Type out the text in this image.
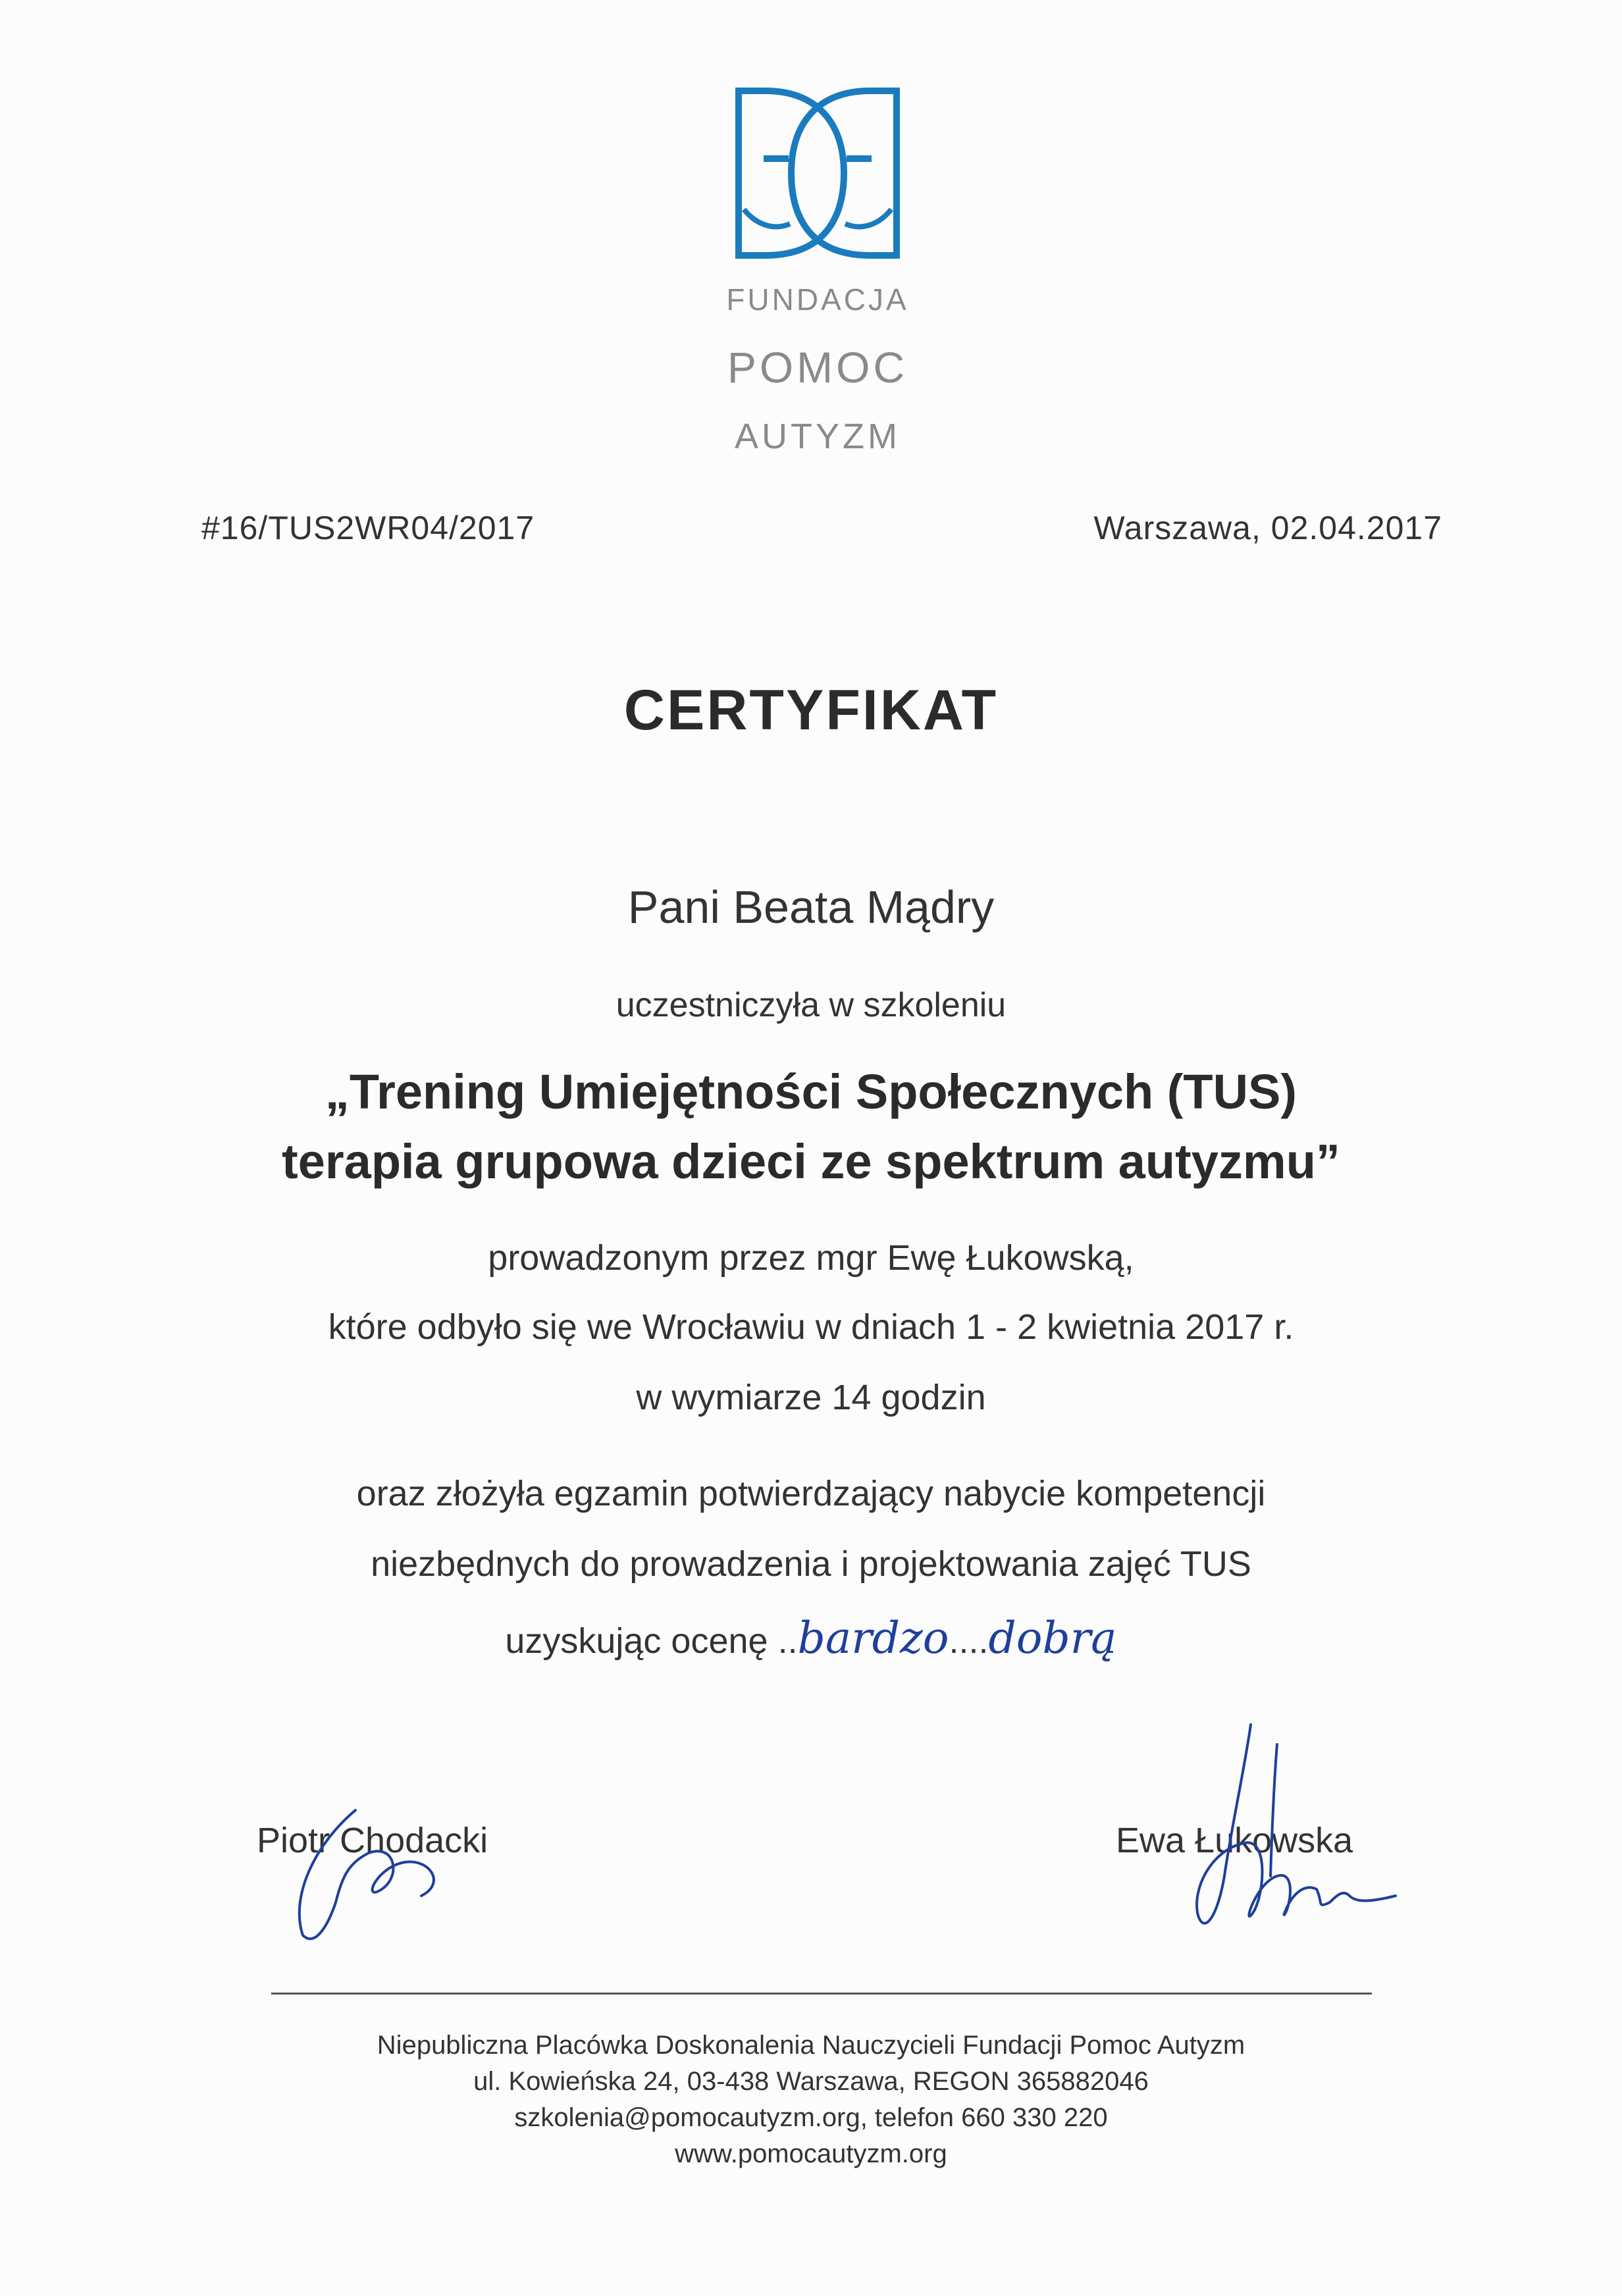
FUNDACJA
POMOC
AUTYZM
#16/TUS2WR04/2017	Warszawa, 02.04.2017
CERTYFIKAT
Pani Beata Mądry
uczestniczyła w szkoleniu
„Trening Umiejętności Społecznych (TUS)
terapia grupowa dzieci ze spektrum autyzmu”
prowadzonym przez mgr Ewę Łukowską,
które odbyło się we Wrocławiu w dniach 1 - 2 kwietnia 2017 r.
w wymiarze 14 godzin
oraz złożyła egzamin potwierdzający nabycie kompetencji
niezbędnych do prowadzenia i projektowania zajęć TUS
uzyskując ocenę ..bardzo....dobrą
Piotr Chodacki	Ewa Łukowska
Niepubliczna Placówka Doskonalenia Nauczycieli Fundacji Pomoc Autyzm
ul. Kowieńska 24, 03-438 Warszawa, REGON 365882046
szkolenia@pomocautyzm.org, telefon 660 330 220
www.pomocautyzm.org
